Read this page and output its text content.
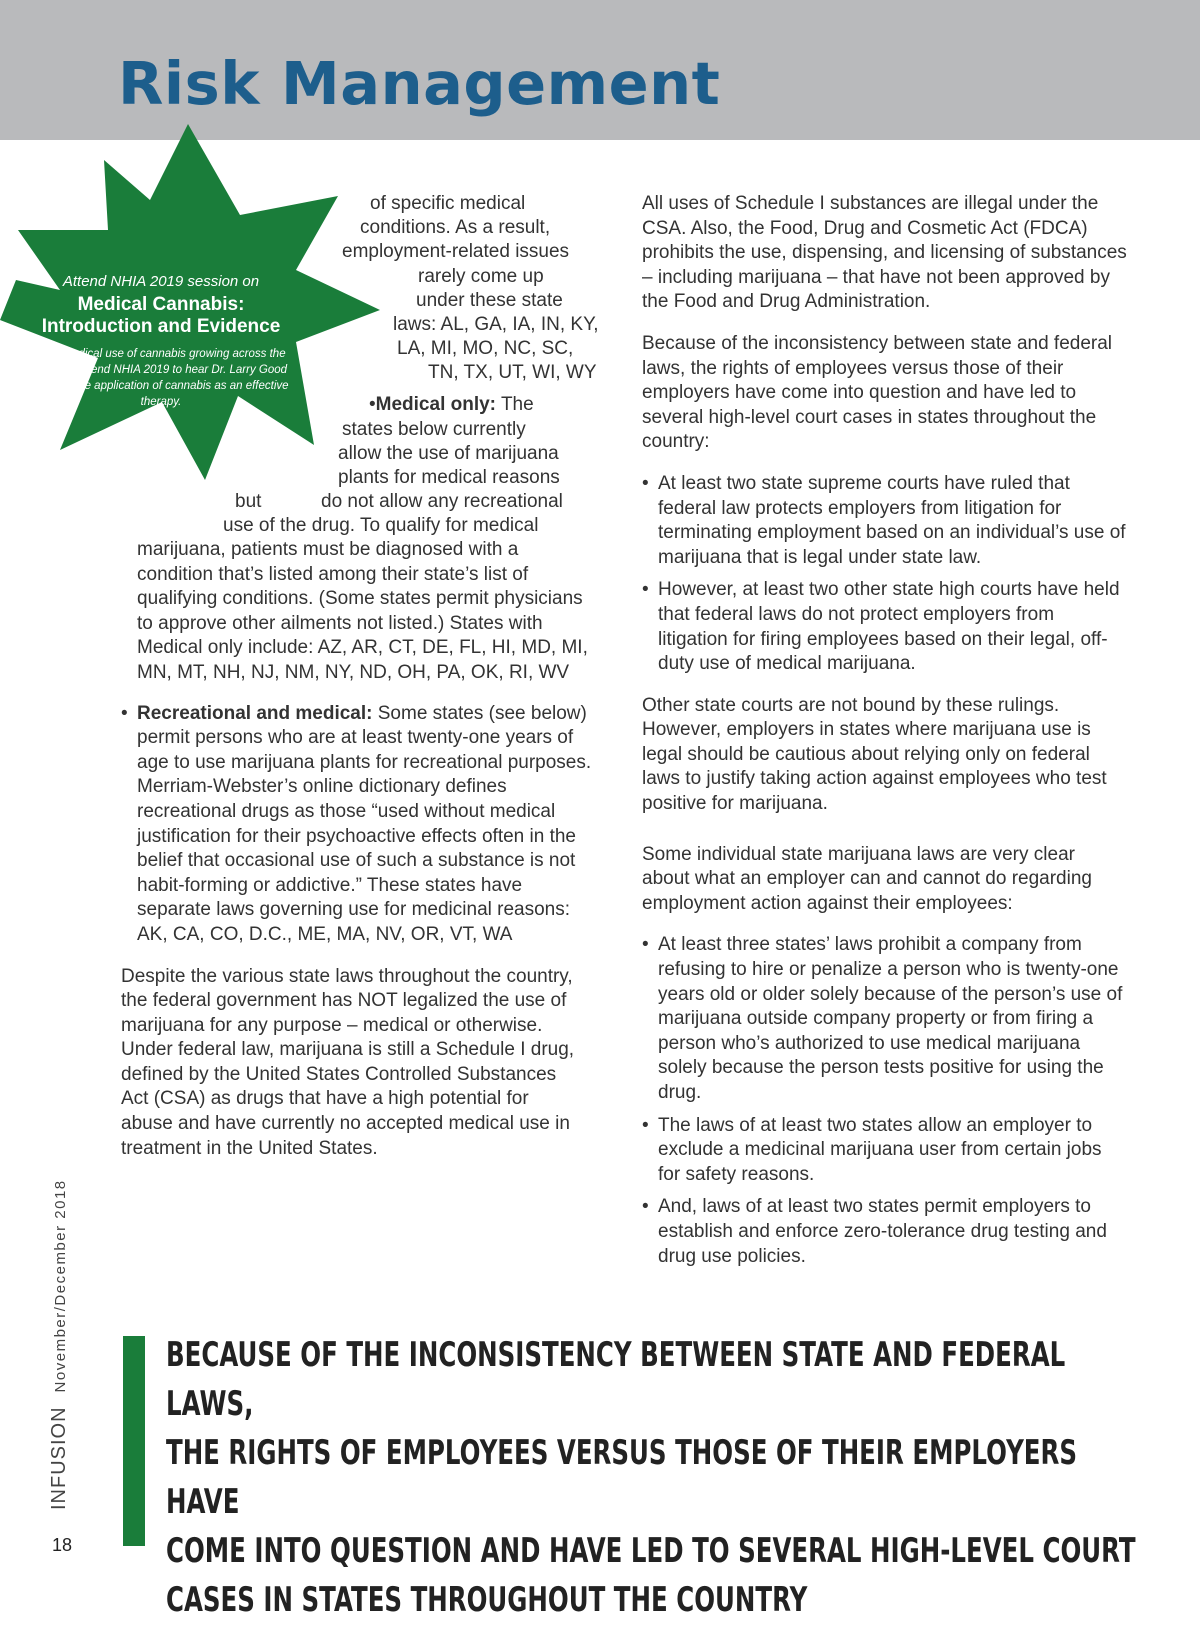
Risk Management
Attend NHIA 2019 session on
Medical Cannabis:
Introduction and Evidence
With medical use of cannabis growing across the country, attend NHIA 2019 to hear Dr. Larry Good discuss the application of cannabis as an effective therapy.
of specific medical
conditions. As a result,
employment-related issues
rarely come up
under these state
laws: AL, GA, IA, IN, KY,
LA, MI, MO, NC, SC,
TN, TX, UT, WI, WY
•Medical only: The
states below currently
allow the use of marijuana
plants for medical reasons
but	do not allow any recreational
use of the drug. To qualify for medical

marijuana, patients must be diagnosed with a condition that’s listed among their state’s list of qualifying conditions. (Some states permit physicians to approve other ailments not listed.) States with Medical only include: AZ, AR, CT, DE, FL, HI, MD, MI, MN, MT, NH, NJ, NM, NY, ND, OH, PA, OK, RI, WV

• Recreational and medical: Some states (see below) permit persons who are at least twenty-one years of age to use marijuana plants for recreational purposes. Merriam-Webster’s online dictionary defines recreational drugs as those “used without medical justification for their psychoactive effects often in the belief that occasional use of such a substance is not habit-forming or addictive.” These states have separate laws governing use for medicinal reasons: AK, CA, CO, D.C., ME, MA, NV, OR, VT, WA

Despite the various state laws throughout the country, the federal government has NOT legalized the use of marijuana for any purpose – medical or otherwise. Under federal law, marijuana is still a Schedule I drug, defined by the United States Controlled Substances Act (CSA) as drugs that have a high potential for abuse and have currently no accepted medical use in treatment in the United States.

All uses of Schedule I substances are illegal under the CSA. Also, the Food, Drug and Cosmetic Act (FDCA) prohibits the use, dispensing, and licensing of substances – including marijuana – that have not been approved by the Food and Drug Administration.

Because of the inconsistency between state and federal laws, the rights of employees versus those of their employers have come into question and have led to several high-level court cases in states throughout the country:

• At least two state supreme courts have ruled that federal law protects employers from litigation for terminating employment based on an individual’s use of marijuana that is legal under state law.

• However, at least two other state high courts have held that federal laws do not protect employers from litigation for firing employees based on their legal, off-duty use of medical marijuana.

Other state courts are not bound by these rulings. However, employers in states where marijuana use is legal should be cautious about relying only on federal laws to justify taking action against employees who test positive for marijuana.

Some individual state marijuana laws are very clear about what an employer can and cannot do regarding employment action against their employees:

• At least three states’ laws prohibit a company from refusing to hire or penalize a person who is twenty-one years old or older solely because of the person’s use of marijuana outside company property or from firing a person who’s authorized to use medical marijuana solely because the person tests positive for using the drug.

• The laws of at least two states allow an employer to exclude a medicinal marijuana user from certain jobs for safety reasons.

• And, laws of at least two states permit employers to establish and enforce zero-tolerance drug testing and drug use policies.

BECAUSE OF THE INCONSISTENCY BETWEEN STATE AND FEDERAL LAWS,
THE RIGHTS OF EMPLOYEES VERSUS THOSE OF THEIR EMPLOYERS HAVE
COME INTO QUESTION AND HAVE LED TO SEVERAL HIGH-LEVEL COURT
CASES IN STATES THROUGHOUT THE COUNTRY
INFUSIONNovember/December 2018
18
